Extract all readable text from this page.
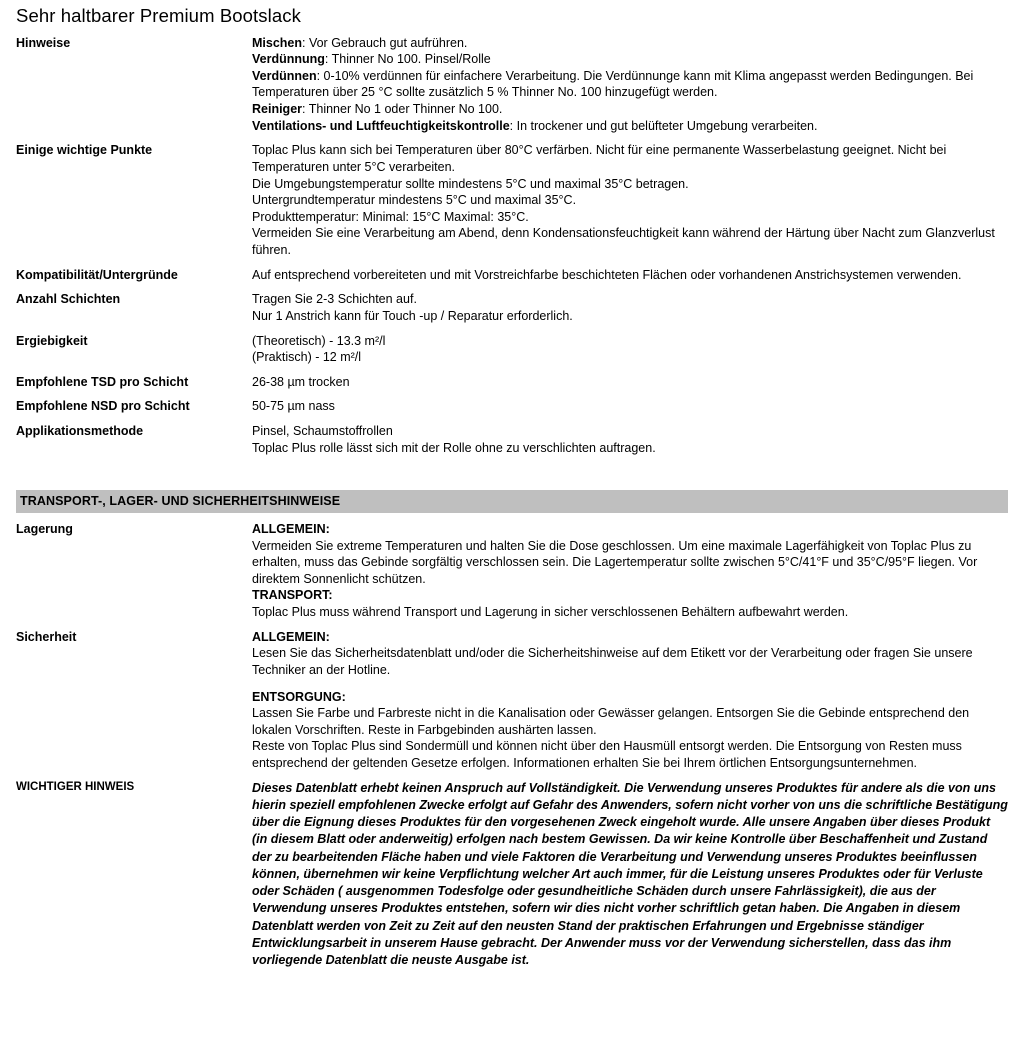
Sehr haltbarer Premium Bootslack
Hinweise	Mischen: Vor Gebrauch gut aufrühren.
Verdünnung: Thinner No 100. Pinsel/Rolle
Verdünnen: 0-10% verdünnen für einfachere Verarbeitung. Die Verdünnunge kann mit Klima angepasst werden Bedingungen. Bei Temperaturen über 25 °C sollte zusätzlich 5 % Thinner No. 100 hinzugefügt werden.
Reiniger: Thinner No 1 oder Thinner No 100.
Ventilations- und Luftfeuchtigkeitskontrolle: In trockener und gut belüfteter Umgebung verarbeiten.

Einige wichtige Punkte	Toplac Plus kann sich bei Temperaturen über 80°C verfärben. Nicht für eine permanente Wasserbelastung geeignet. Nicht bei Temperaturen unter 5°C verarbeiten.
Die Umgebungstemperatur sollte mindestens 5°C und maximal 35°C betragen.
Untergrundtemperatur mindestens 5°C und maximal 35°C.
Produkttemperatur: Minimal: 15°C Maximal: 35°C.
Vermeiden Sie eine Verarbeitung am Abend, denn Kondensationsfeuchtigkeit kann während der Härtung über Nacht zum Glanzverlust führen.

Kompatibilität/Untergründe	Auf entsprechend vorbereiteten und mit Vorstreichfarbe beschichteten Flächen oder vorhandenen Anstrichsystemen verwenden.

Anzahl Schichten	Tragen Sie 2-3 Schichten auf.
Nur 1 Anstrich kann für Touch -up / Reparatur erforderlich.

Ergiebigkeit	(Theoretisch) - 13.3 m²/l
(Praktisch) - 12 m²/l

Empfohlene TSD pro Schicht	26-38 µm trocken

Empfohlene NSD pro Schicht	50-75 µm nass

Applikationsmethode	Pinsel, Schaumstoffrollen
Toplac Plus rolle lässt sich mit der Rolle ohne zu verschlichten auftragen.
TRANSPORT-, LAGER- UND SICHERHEITSHINWEISE
Lagerung	ALLGEMEIN:
Vermeiden Sie extreme Temperaturen und halten Sie die Dose geschlossen. Um eine maximale Lagerfähigkeit von Toplac Plus zu erhalten, muss das Gebinde sorgfältig verschlossen sein. Die Lagertemperatur sollte zwischen 5°C/41°F und 35°C/95°F liegen. Vor direktem Sonnenlicht schützen.
TRANSPORT:
Toplac Plus muss während Transport und Lagerung in sicher verschlossenen Behältern aufbewahrt werden.

Sicherheit	ALLGEMEIN:
Lesen Sie das Sicherheitsdatenblatt und/oder die Sicherheitshinweise auf dem Etikett vor der Verarbeitung oder fragen Sie unsere Techniker an der Hotline.
ENTSORGUNG:
Lassen Sie Farbe und Farbreste nicht in die Kanalisation oder Gewässer gelangen. Entsorgen Sie die Gebinde entsprechend den lokalen Vorschriften. Reste in Farbgebinden aushärten lassen.
Reste von Toplac Plus sind Sondermüll und können nicht über den Hausmüll entsorgt werden. Die Entsorgung von Resten muss entsprechend der geltenden Gesetze erfolgen. Informationen erhalten Sie bei Ihrem örtlichen Entsorgungsunternehmen.
WICHTIGER HINWEIS	Dieses Datenblatt erhebt keinen Anspruch auf Vollständigkeit. Die Verwendung unseres Produktes für andere als die von uns hierin speziell empfohlenen Zwecke erfolgt auf Gefahr des Anwenders, sofern nicht vorher von uns die schriftliche Bestätigung über die Eignung dieses Produktes für den vorgesehenen Zweck eingeholt wurde. Alle unsere Angaben über dieses Produkt (in diesem Blatt oder anderweitig) erfolgen nach bestem Gewissen. Da wir keine Kontrolle über Beschaffenheit und Zustand der zu bearbeitenden Fläche haben und viele Faktoren die Verarbeitung und Verwendung unseres Produktes beeinflussen können, übernehmen wir keine Verpflichtung welcher Art auch immer, für die Leistung unseres Produktes oder für Verluste oder Schäden ( ausgenommen Todesfolge oder gesundheitliche Schäden durch unsere Fahrlässigkeit), die aus der Verwendung unseres Produktes entstehen, sofern wir dies nicht vorher schriftlich getan haben. Die Angaben in diesem Datenblatt werden von Zeit zu Zeit auf den neusten Stand der praktischen Erfahrungen und Ergebnisse ständiger Entwicklungsarbeit in unserem Hause gebracht. Der Anwender muss vor der Verwendung sicherstellen, dass das ihm vorliegende Datenblatt die neuste Ausgabe ist.
